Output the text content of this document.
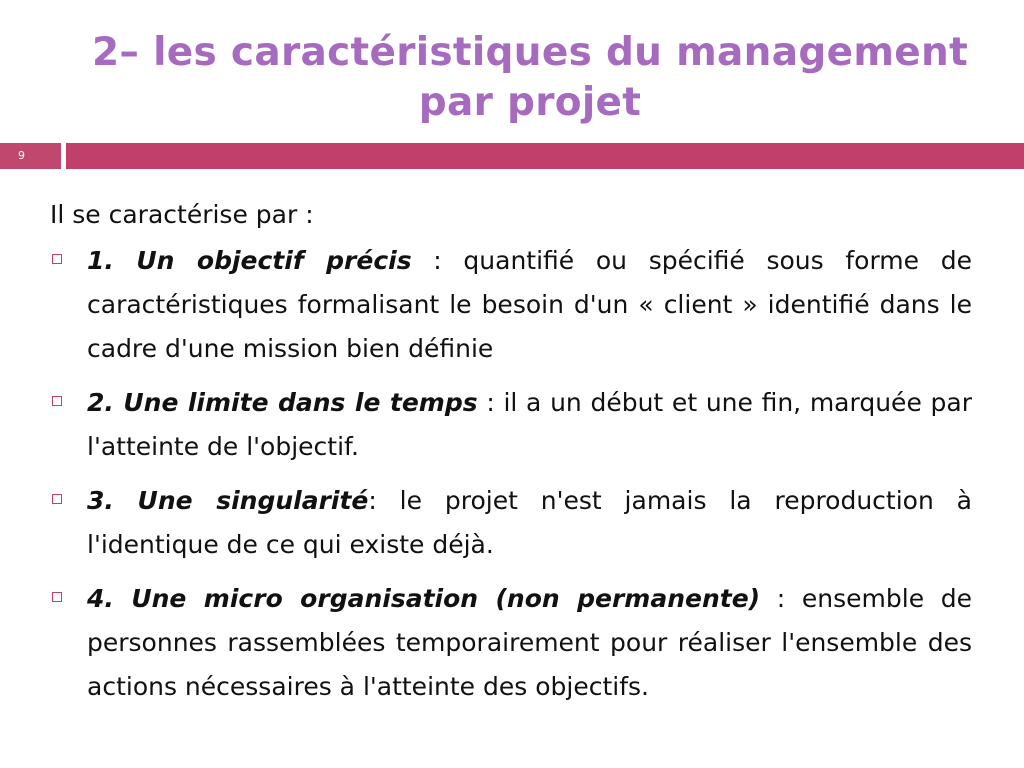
2– les caractéristiques du management par projet
9
Il se caractérise par :
1. Un objectif précis : quantifié ou spécifié sous forme de caractéristiques formalisant le besoin d'un « client » identifié dans le cadre d'une mission bien définie
2. Une limite dans le temps : il a un début et une fin, marquée par l'atteinte de l'objectif.
3. Une singularité: le projet n'est jamais la reproduction à l'identique de ce qui existe déjà.
4. Une micro organisation (non permanente) : ensemble de personnes rassemblées temporairement pour réaliser l'ensemble des actions nécessaires à l'atteinte des objectifs.
